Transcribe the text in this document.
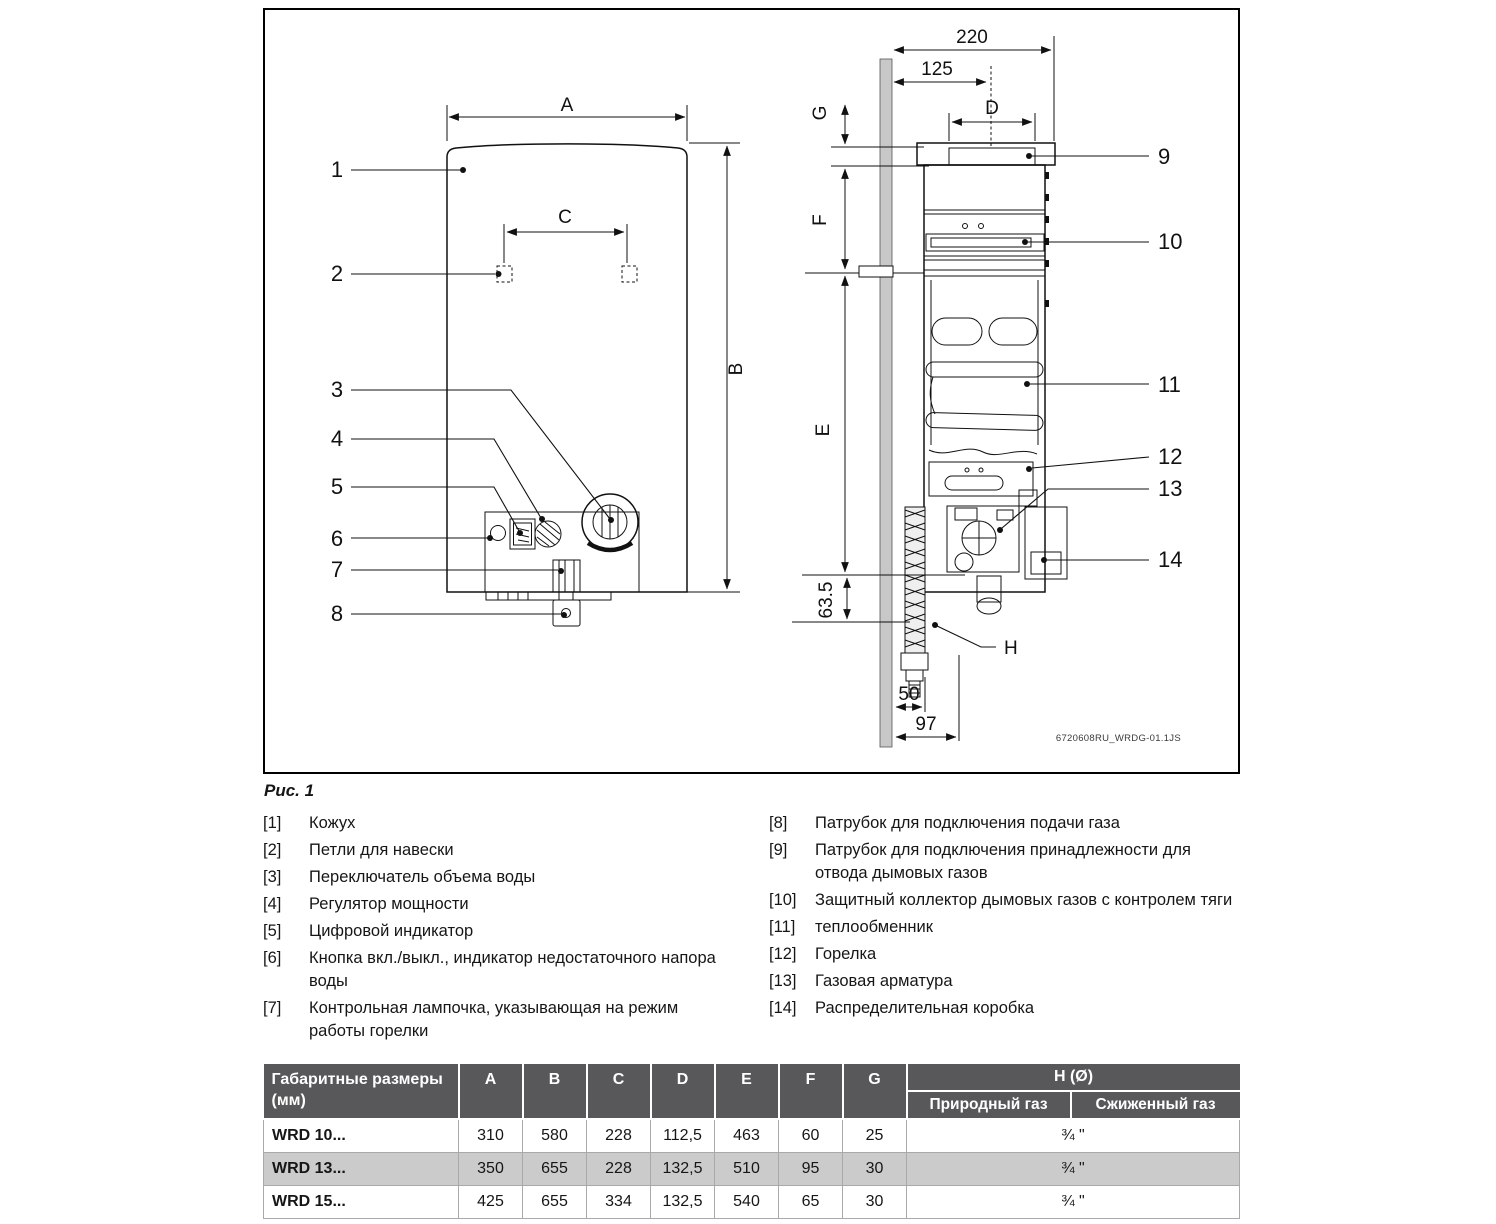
A
B
C
1
2
3
4
5
6
7
8
220
125
D
G
F
E
63.5
50
97
H
9
10
11
12
13
14
6720608RU_WRDG-01.1JS
Рис. 1
[1]	Кожух
[2]	Петли для навески
[3]	Переключатель объема воды
[4]	Регулятор мощности
[5]	Цифровой индикатор
[6]	Кнопка вкл./выкл., индикатор недостаточного напора воды
[7]	Контрольная лампочка, указывающая на режим работы горелки
[8]	Патрубок для подключения подачи газа
[9]	Патрубок для подключения принадлежности для отвода дымовых газов
[10]	Защитный коллектор дымовых газов с контролем тяги
[11]	теплообменник
[12]	Горелка
[13]	Газовая арматура
[14]	Распределительная коробка
Габаритные размеры (мм)	A	B	C	D	E	F	G	H (Ø)	
								Природный газ	Сжиженный газ
WRD 10...	310	580	228	112,5	463	60	25	¾ "	
WRD 13...	350	655	228	132,5	510	95	30	¾ "	
WRD 15...	425	655	334	132,5	540	65	30	¾ "	
